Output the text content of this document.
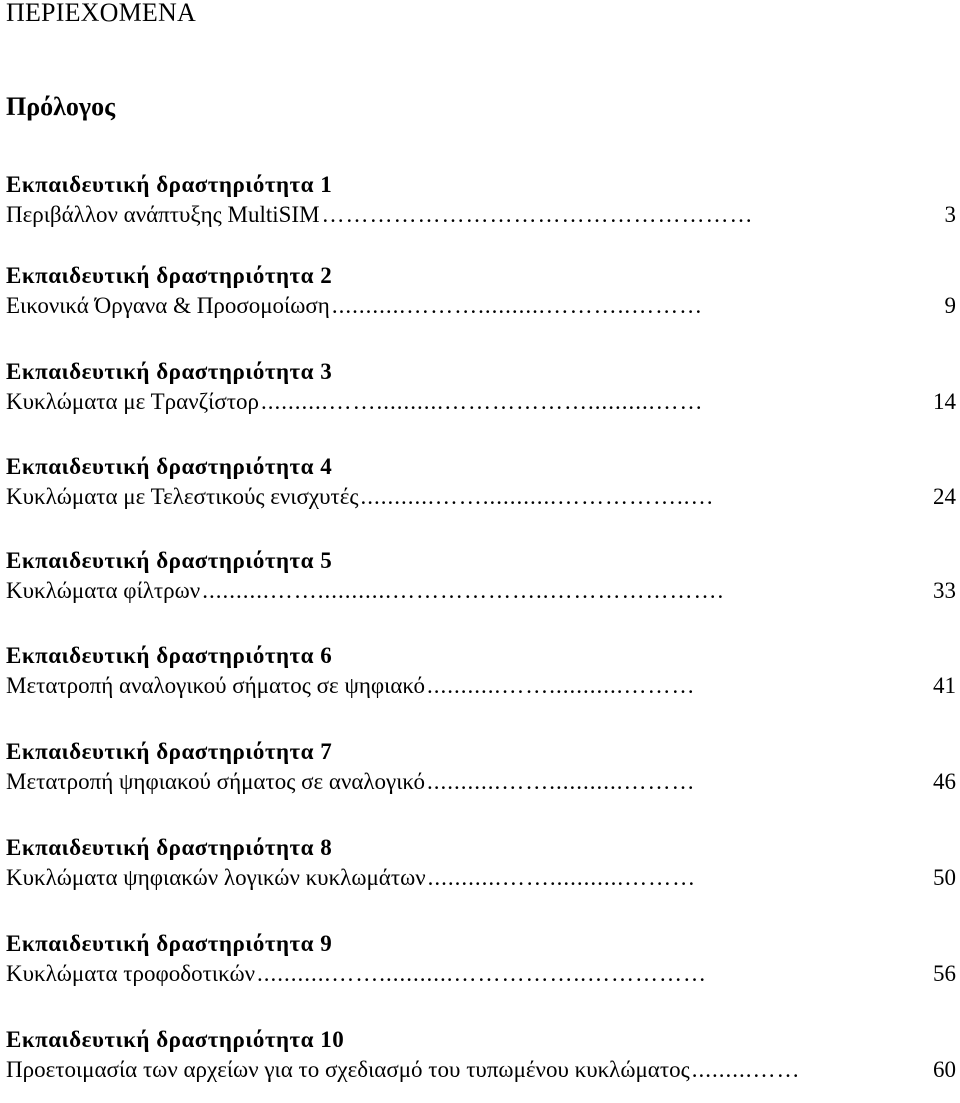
ΠΕΡΙΕΧΟΜΕΝΑ
Πρόλογος
Εκπαιδευτική δραστηριότητα 1
Περιβάλλον ανάπτυξης MultiSIM ………………………………………………	3
Εκπαιδευτική δραστηριότητα 2
Εικονικά Όργανα & Προσομοίωση ...........………..........………..………	9
Εκπαιδευτική δραστηριότητα 3
Κυκλώματα με Τρανζίστορ ..........……..........………………..........……	14
Εκπαιδευτική δραστηριότητα 4
Κυκλώματα με Τελεστικούς ενισχυτές ...........……...........……………..…	24
Εκπαιδευτική δραστηριότητα 5
Κυκλώματα φίλτρων ..........……...........………………..………………….	33
Εκπαιδευτική δραστηριότητα 6
Μετατροπή αναλογικού σήματος σε ψηφιακό ...........……...........………	41
Εκπαιδευτική δραστηριότητα 7
Μετατροπή ψηφιακού σήματος σε αναλογικό ...........……...........………	46
Εκπαιδευτική δραστηριότητα 8
Κυκλώματα ψηφιακών λογικών κυκλωμάτων ...........……...........………	50
Εκπαιδευτική δραστηριότητα 9
Κυκλώματα τροφοδοτικών ...........……...........……………..……………	56
Εκπαιδευτική δραστηριότητα 10
Προετοιμασία των αρχείων για το σχεδιασμό του τυπωμένου κυκλώματος .........……	60
